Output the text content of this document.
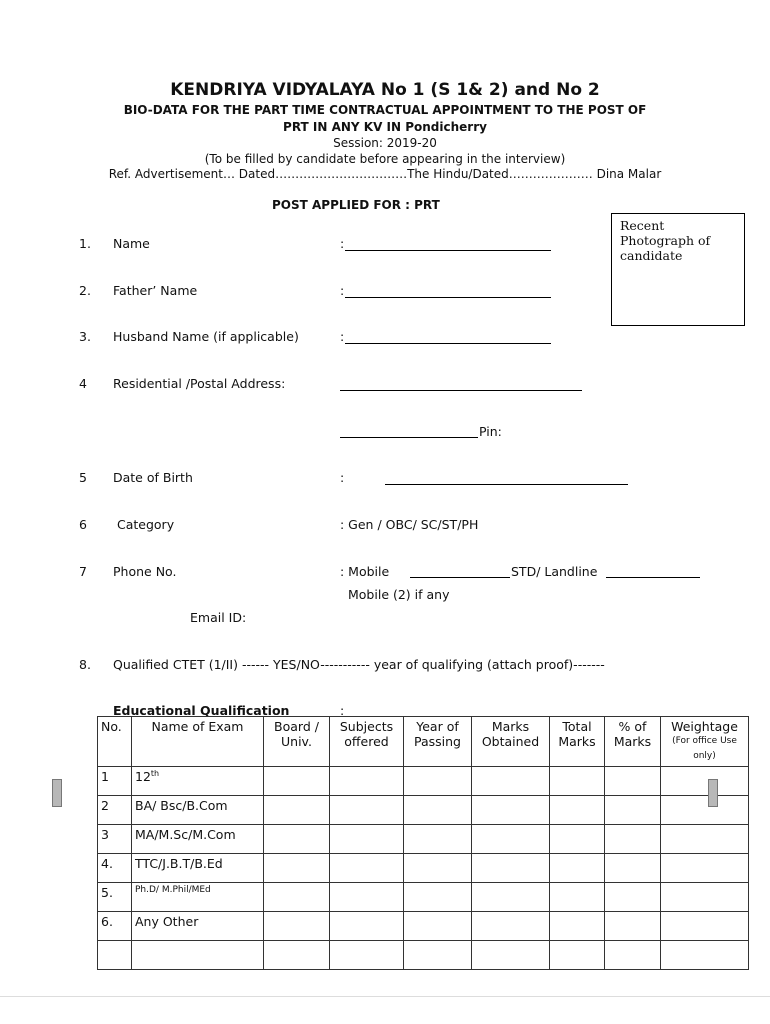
KENDRIYA VIDYALAYA No 1 (S 1& 2) and No 2
BIO-DATA FOR THE PART TIME CONTRACTUAL APPOINTMENT TO THE POST OF
PRT IN ANY KV IN Pondicherry
Session: 2019-20
(To be filled by candidate before appearing in the interview)
Ref. Advertisement… Dated……………………………The Hindu/Dated………………… Dina Malar
POST APPLIED FOR : PRT
Recent Photograph of candidate
1. Name	:
2. Father’ Name	:
3. Husband Name (if applicable)	:
4 Residential /Postal Address:
Pin:
5 Date of Birth	:
6 Category	: Gen / OBC/ SC/ST/PH
7 Phone No.	: Mobile	STD/ Landline
Mobile (2) if any
Email ID:
8. Qualified CTET (1/II) ------ YES/NO----------- year of qualifying (attach proof)-------
Educational Qualification	:
No.	Name of Exam	Board / Univ.	Subjects offered	Year of Passing	Marks Obtained	Total Marks	% of Marks	Weightage
(For office Use only)

1	12th							
2	BA/ Bsc/B.Com							
3	MA/M.Sc/M.Com							
4.	TTC/J.B.T/B.Ed							
5.	Ph.D/ M.Phil/MEd							
6.	Any Other							
